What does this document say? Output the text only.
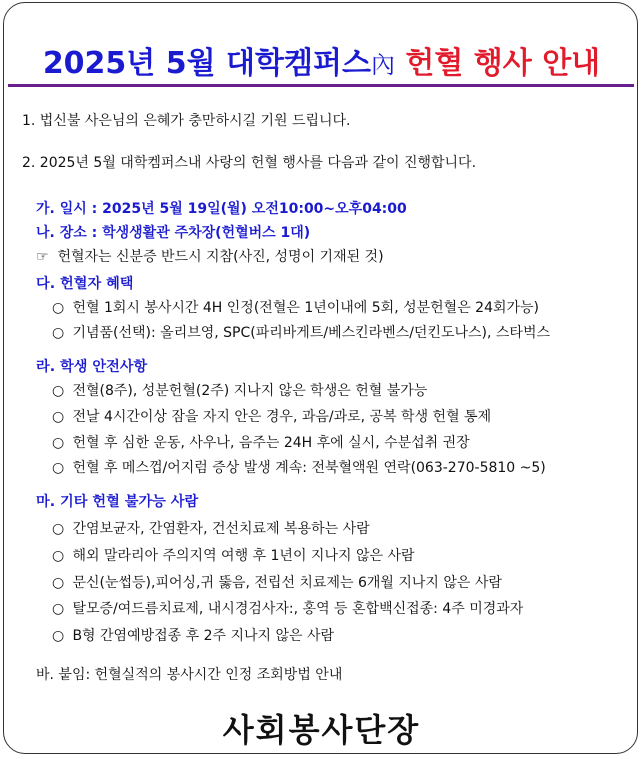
2025년 5월 대학켐퍼스內 헌혈 행사 안내
1. 법신불 사은님의 은혜가 충만하시길 기원 드립니다.
2. 2025년 5월 대학켐퍼스내 사랑의 헌혈 행사를 다음과 같이 진행합니다.
가. 일시 : 2025년 5월 19일(월) 오전10:00~오후04:00
나. 장소 : 학생생활관 주차장(헌혈버스 1대)
☞ 헌혈자는 신분증 반드시 지참(사진, 성명이 기재된 것)
다. 헌혈자 혜택
○ 헌혈 1회시 봉사시간 4H 인정(전혈은 1년이내에 5회, 성분헌혈은 24회가능)
○ 기념품(선택): 올리브영, SPC(파리바게트/베스킨라벤스/던킨도나스), 스타벅스
라. 학생 안전사항
○ 전혈(8주), 성분헌혈(2주) 지나지 않은 학생은 헌혈 불가능
○ 전날 4시간이상 잠을 자지 안은 경우, 과음/과로, 공복 학생 헌혈 통제
○ 헌혈 후 심한 운동, 사우나, 음주는 24H 후에 실시, 수분섭취 권장
○ 헌혈 후 메스껍/어지럼 증상 발생 계속: 전북혈액원 연락(063-270-5810 ~5)
마. 기타 헌혈 불가능 사람
○ 간염보균자, 간염환자, 건선치료제 복용하는 사람
○ 해외 말라리아 주의지역 여행 후 1년이 지나지 않은 사람
○ 문신(눈썹등),피어싱,귀 뚫음, 전립선 치료제는 6개월 지나지 않은 사람
○ 탈모증/여드름치료제, 내시경검사자:, 홍역 등 혼합백신접종: 4주 미경과자
○ B형 간염예방접종 후 2주 지나지 않은 사람
바. 붙임: 헌혈실적의 봉사시간 인정 조회방법 안내
사회봉사단장
